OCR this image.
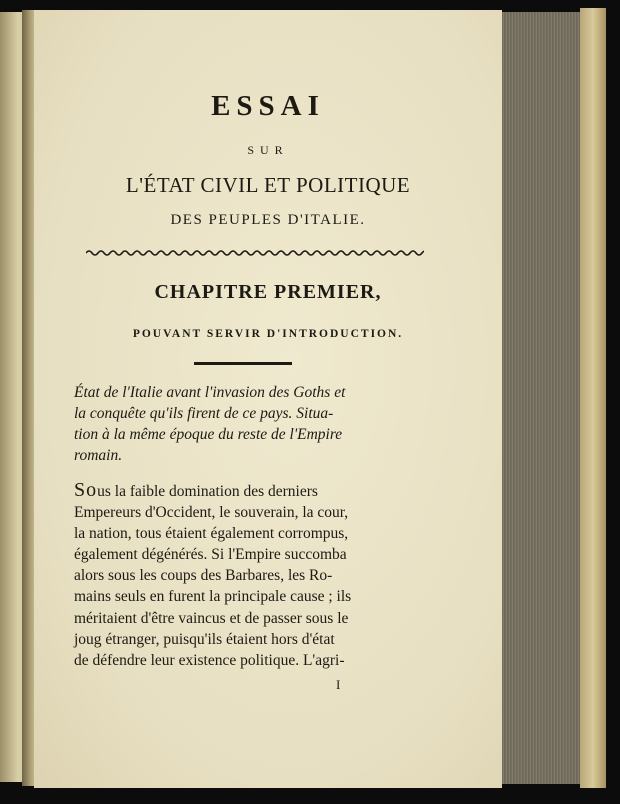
ESSAI
SUR
L'ÉTAT CIVIL ET POLITIQUE
DES PEUPLES D'ITALIE.
CHAPITRE PREMIER,
POUVANT SERVIR D'INTRODUCTION.
État de l'Italie avant l'invasion des Goths et
la conquête qu'ils firent de ce pays. Situa-
tion à la même époque du reste de l'Empire
romain.
Sous la faible domination des derniers
Empereurs d'Occident, le souverain, la cour,
la nation, tous étaient également corrompus,
également dégénérés. Si l'Empire succomba
alors sous les coups des Barbares, les Ro-
mains seuls en furent la principale cause ; ils
méritaient d'être vaincus et de passer sous le
joug étranger, puisqu'ils étaient hors d'état
de défendre leur existence politique. L'agri-
I
